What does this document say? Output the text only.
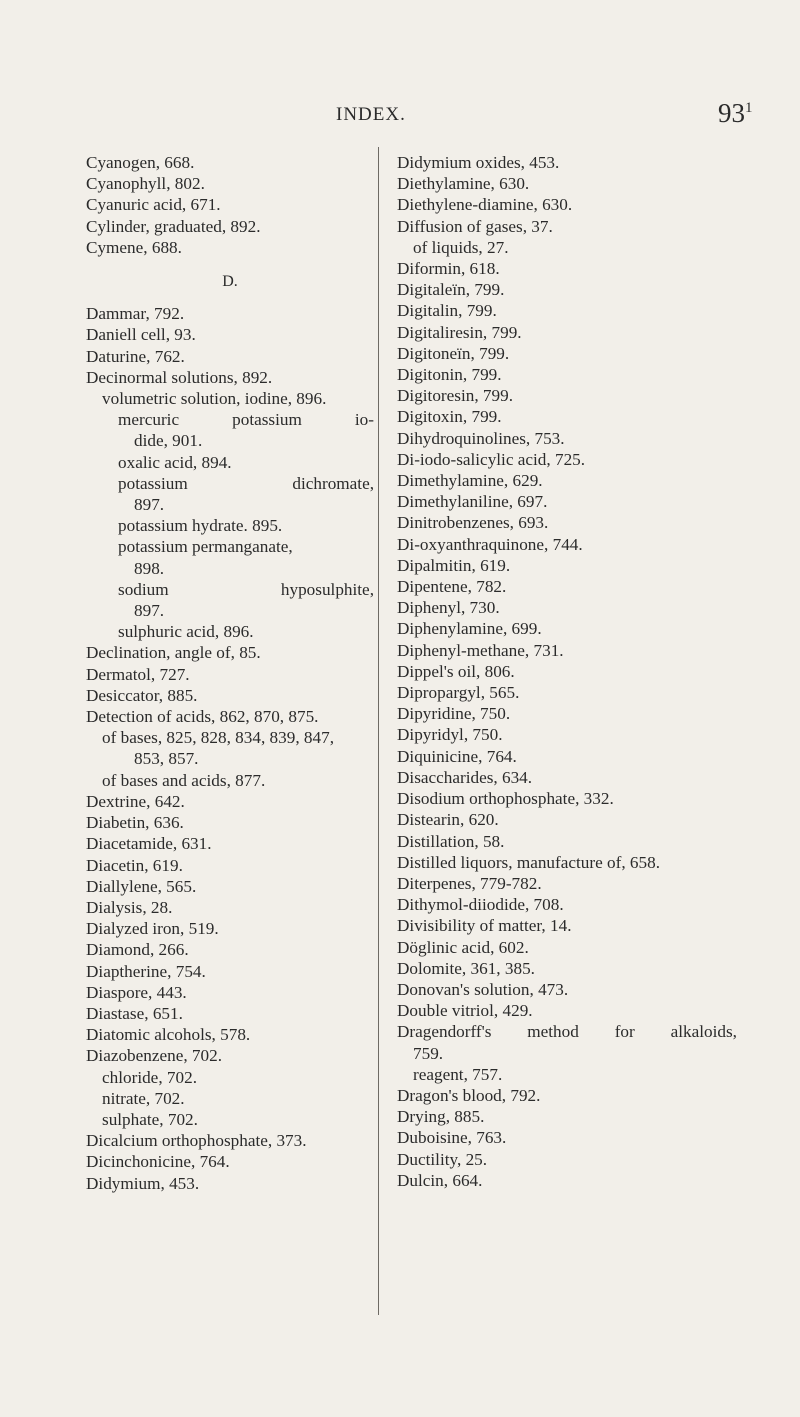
INDEX.	$93^1$

Cyanogen, 668.

Cyanophyll, 802.

Cyanuric acid, 671.

Cylinder, graduated, 892.

Cymene, 688.

D.

Dammar, 792.

Daniell cell, 93.

Daturine, 762.

Decinormal solutions, 892.

volumetric solution, iodine, 896.

mercuric	potassium	io-

dide, 901.

oxalic acid, 894.

potassium	dichromate,

897.

potassium hydrate. 895.

potassium permanganate,

898.

sodium	hyposulphite,

897.

sulphuric acid, 896.

Declination, angle of, 85.

Dermatol, 727.

Desiccator, 885.

Detection of acids, 862, 870, 875.

of bases, 825, 828, 834, 839, 847,

853, 857.

of bases and acids, 877.

Dextrine, 642.

Diabetin, 636.

Diacetamide, 631.

Diacetin, 619.

Diallylene, 565.

Dialysis, 28.

Dialyzed iron, 519.

Diamond, 266.

Diaptherine, 754.

Diaspore, 443.

Diastase, 651.

Diatomic alcohols, 578.

Diazobenzene, 702.

chloride, 702.

nitrate, 702.

sulphate, 702.

Dicalcium orthophosphate, 373.

Dicinchonicine, 764.

Didymium, 453.

Didymium oxides, 453.

Diethylamine, 630.

Diethylene-diamine, 630.

Diffusion of gases, 37.

of liquids, 27.

Diformin, 618.

Digitaleïn, 799.

Digitalin, 799.

Digitaliresin, 799.

Digitoneïn, 799.

Digitonin, 799.

Digitoresin, 799.

Digitoxin, 799.

Dihydroquinolines, 753.

Di-iodo-salicylic acid, 725.

Dimethylamine, 629.

Dimethylaniline, 697.

Dinitrobenzenes, 693.

Di-oxyanthraquinone, 744.

Dipalmitin, 619.

Dipentene, 782.

Diphenyl, 730.

Diphenylamine, 699.

Diphenyl-methane, 731.

Dippel's oil, 806.

Dipropargyl, 565.

Dipyridine, 750.

Dipyridyl, 750.

Diquinicine, 764.

Disaccharides, 634.

Disodium orthophosphate, 332.

Distearin, 620.

Distillation, 58.

Distilled liquors, manufacture of, 658.

Diterpenes, 779-782.

Dithymol-diiodide, 708.

Divisibility of matter, 14.

Döglinic acid, 602.

Dolomite, 361, 385.

Donovan's solution, 473.

Double vitriol, 429.

Dragendorff's method for alkaloids,

759.

reagent, 757.

Dragon's blood, 792.

Drying, 885.

Duboisine, 763.

Ductility, 25.

Dulcin, 664.
